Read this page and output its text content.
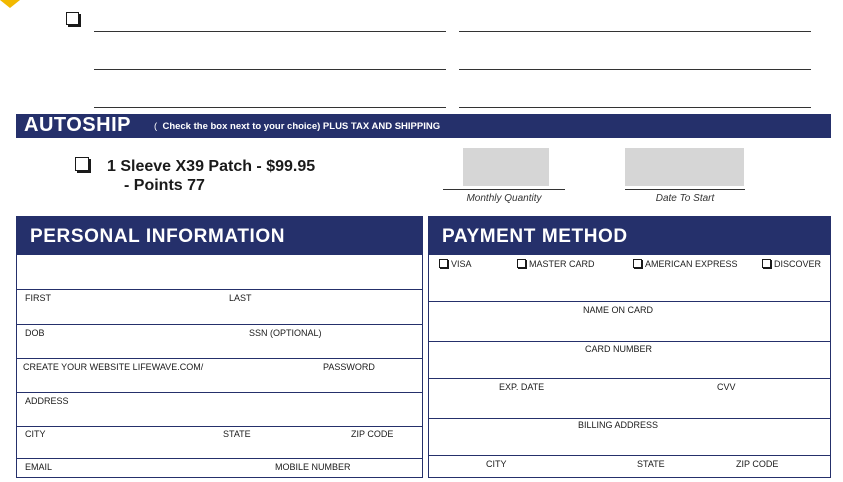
AUTOSHIP ( Check the box next to your choice) PLUS TAX AND SHIPPING
1 Sleeve X39 Patch - $99.95
- Points 77
Monthly Quantity	Date To Start
PERSONAL INFORMATION
FIRST	LAST
DOB	SSN (OPTIONAL)
CREATE YOUR WEBSITE LIFEWAVE.COM/	PASSWORD
ADDRESS
CITY	STATE	ZIP CODE
EMAIL	MOBILE NUMBER
PAYMENT METHOD
VISA	MASTER CARD	AMERICAN EXPRESS	DISCOVER
NAME ON CARD
CARD NUMBER
EXP. DATE	CVV
BILLING ADDRESS
CITY	STATE	ZIP CODE
